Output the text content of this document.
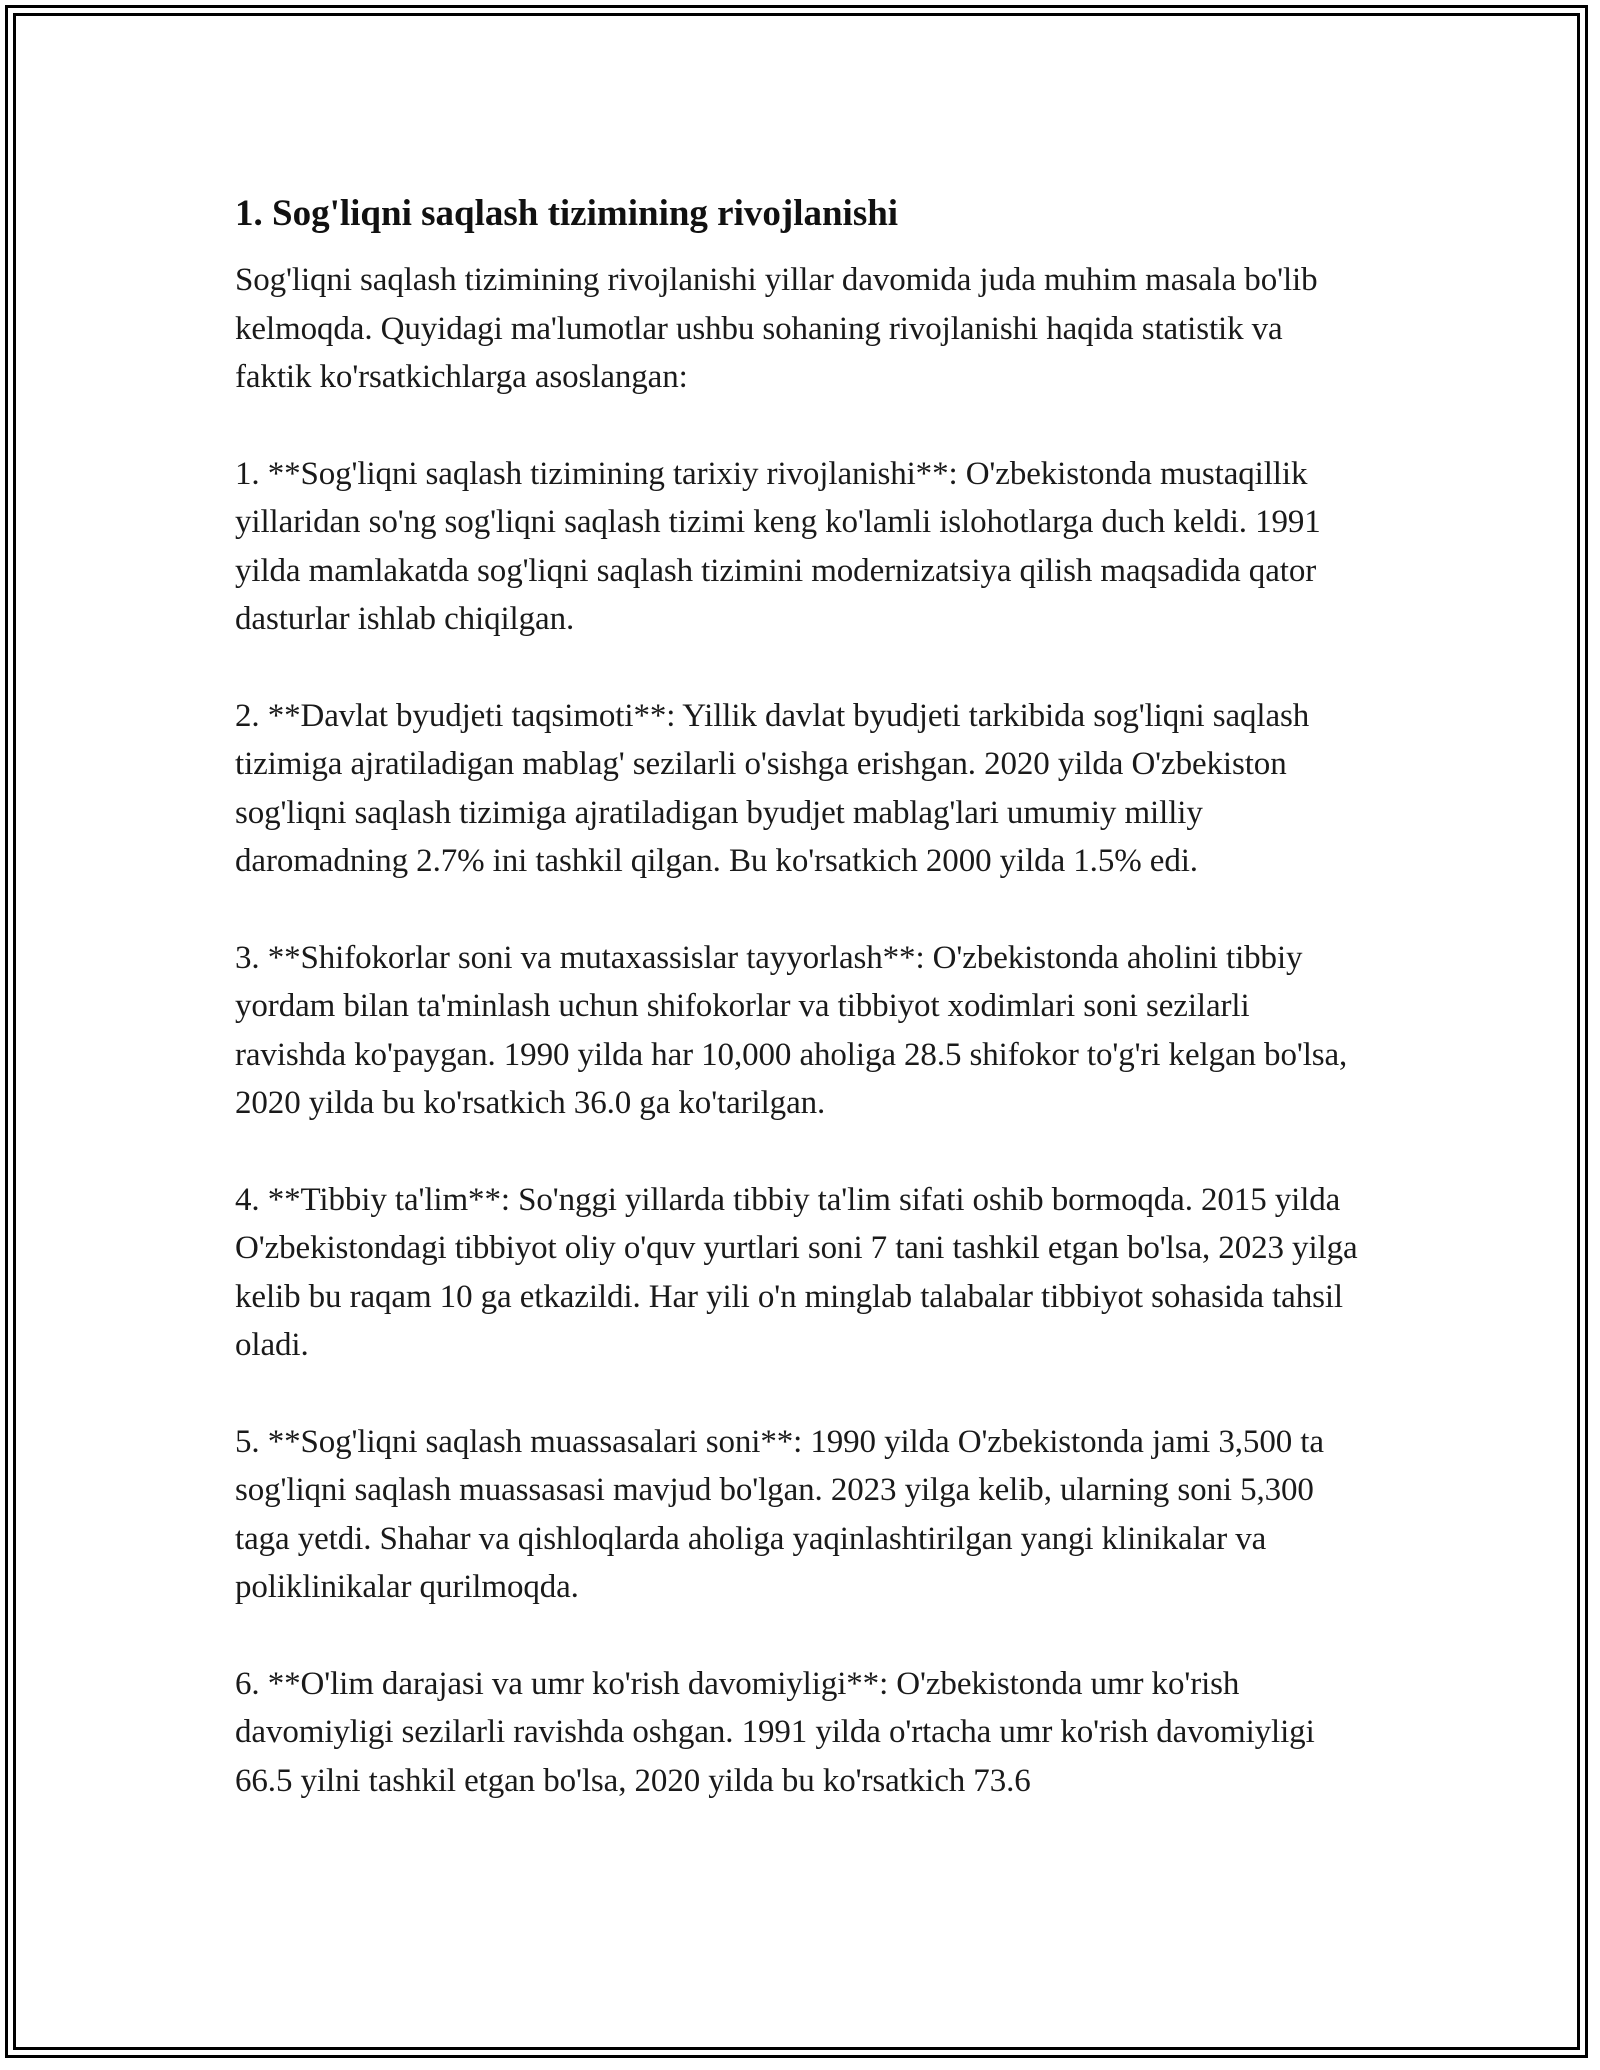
1. Sog'liqni saqlash tizimining rivojlanishi

Sog'liqni saqlash tizimining rivojlanishi yillar davomida juda muhim masala bo'lib kelmoqda. Quyidagi ma'lumotlar ushbu sohaning rivojlanishi haqida statistik va faktik ko'rsatkichlarga asoslangan:

1. **Sog'liqni saqlash tizimining tarixiy rivojlanishi**: O'zbekistonda mustaqillik yillaridan so'ng sog'liqni saqlash tizimi keng ko'lamli islohotlarga duch keldi. 1991 yilda mamlakatda sog'liqni saqlash tizimini modernizatsiya qilish maqsadida qator dasturlar ishlab chiqilgan.

2. **Davlat byudjeti taqsimoti**: Yillik davlat byudjeti tarkibida sog'liqni saqlash tizimiga ajratiladigan mablag' sezilarli o'sishga erishgan. 2020 yilda O'zbekiston sog'liqni saqlash tizimiga ajratiladigan byudjet mablag'lari umumiy milliy daromadning 2.7% ini tashkil qilgan. Bu ko'rsatkich 2000 yilda 1.5% edi.

3. **Shifokorlar soni va mutaxassislar tayyorlash**: O'zbekistonda aholini tibbiy yordam bilan ta'minlash uchun shifokorlar va tibbiyot xodimlari soni sezilarli ravishda ko'paygan. 1990 yilda har 10,000 aholiga 28.5 shifokor to'g'ri kelgan bo'lsa, 2020 yilda bu ko'rsatkich 36.0 ga ko'tarilgan.

4. **Tibbiy ta'lim**: So'nggi yillarda tibbiy ta'lim sifati oshib bormoqda. 2015 yilda O'zbekistondagi tibbiyot oliy o'quv yurtlari soni 7 tani tashkil etgan bo'lsa, 2023 yilga kelib bu raqam 10 ga etkazildi. Har yili o'n minglab talabalar tibbiyot sohasida tahsil oladi.

5. **Sog'liqni saqlash muassasalari soni**: 1990 yilda O'zbekistonda jami 3,500 ta sog'liqni saqlash muassasasi mavjud bo'lgan. 2023 yilga kelib, ularning soni 5,300 taga yetdi. Shahar va qishloqlarda aholiga yaqinlashtirilgan yangi klinikalar va poliklinikalar qurilmoqda.

6. **O'lim darajasi va umr ko'rish davomiyligi**: O'zbekistonda umr ko'rish davomiyligi sezilarli ravishda oshgan. 1991 yilda o'rtacha umr ko'rish davomiyligi 66.5 yilni tashkil etgan bo'lsa, 2020 yilda bu ko'rsatkich 73.6
